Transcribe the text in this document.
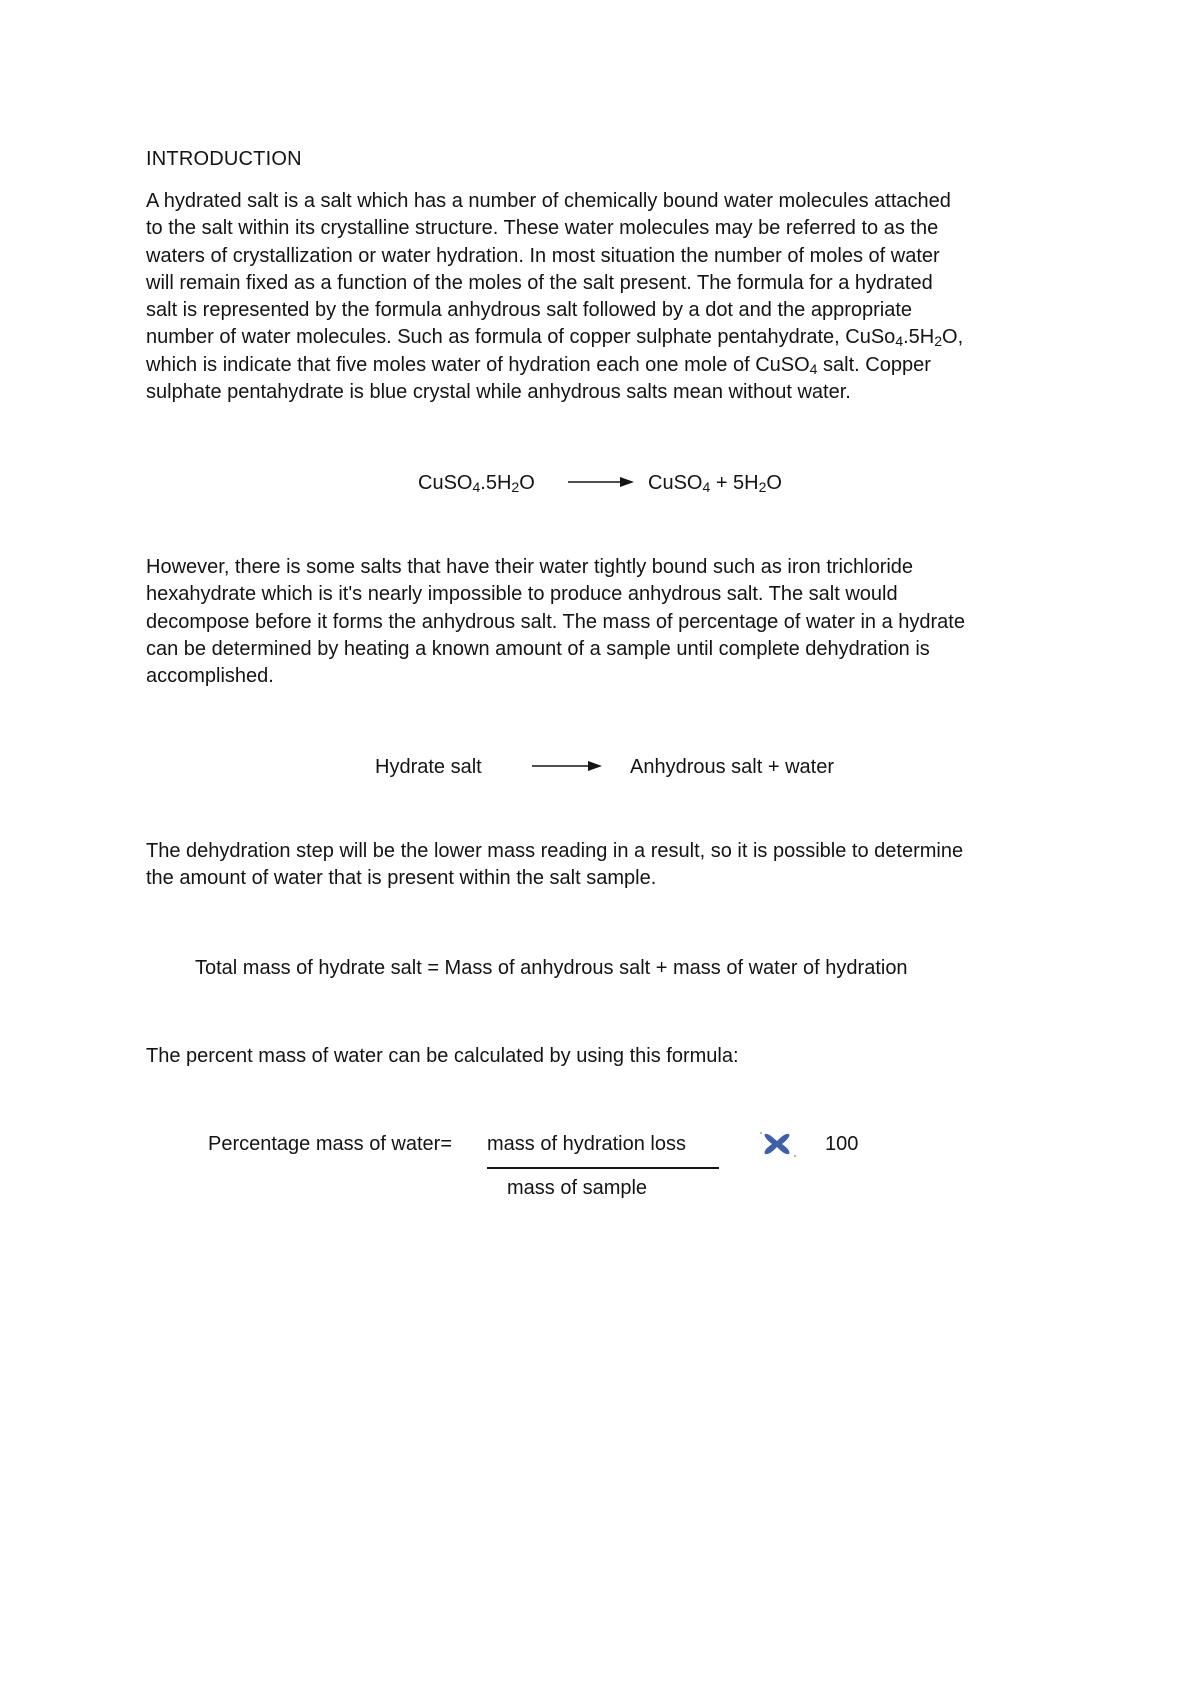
INTRODUCTION
A hydrated salt is a salt which has a number of chemically bound water molecules attached
to the salt within its crystalline structure. These water molecules may be referred to as the
waters of crystallization or water hydration. In most situation the number of moles of water
will remain fixed as a function of the moles of the salt present. The formula for a hydrated
salt is represented by the formula anhydrous salt followed by a dot and the appropriate
number of water molecules. Such as formula of copper sulphate pentahydrate, $CuSo_4.5H_2O$,
which is indicate that five moles water of hydration each one mole of CuSO$_4$ salt. Copper
sulphate pentahydrate is blue crystal while anhydrous salts mean without water.
$CuSO_4.5H_2O$	CuSO$_4$ + $5H_2O$
However, there is some salts that have their water tightly bound such as iron trichloride
hexahydrate which is it's nearly impossible to produce anhydrous salt. The salt would
decompose before it forms the anhydrous salt. The mass of percentage of water in a hydrate
can be determined by heating a known amount of a sample until complete dehydration is
accomplished.
Hydrate salt	Anhydrous salt + water
The dehydration step will be the lower mass reading in a result, so it is possible to determine
the amount of water that is present within the salt sample.
Total mass of hydrate salt = Mass of anhydrous salt + mass of water of hydration
The percent mass of water can be calculated by using this formula:
Percentage mass of water= mass of hydration loss
mass of sample
100
